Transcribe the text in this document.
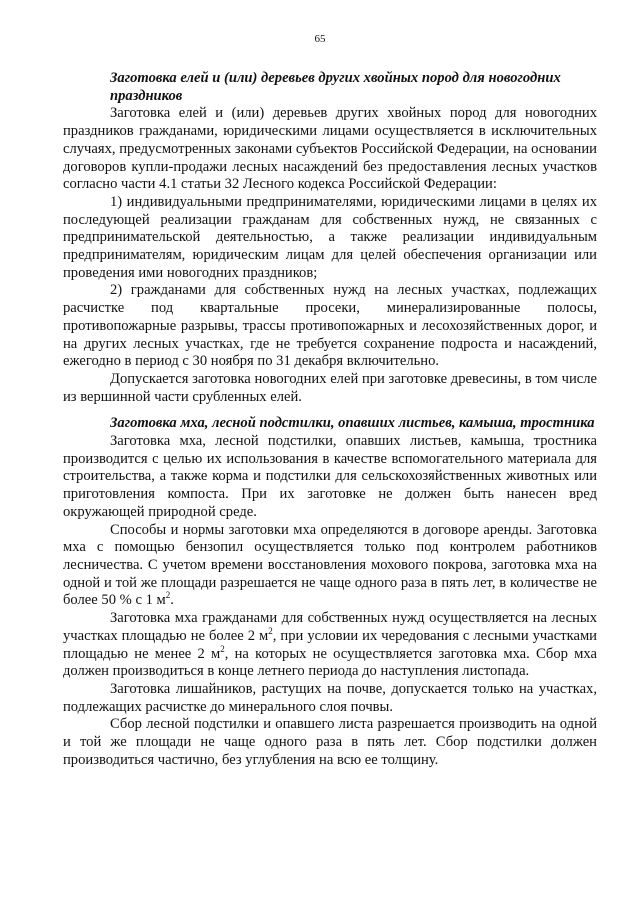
65

Заготовка елей и (или) деревьев других хвойных пород для новогодних праздников

Заготовка елей и (или) деревьев других хвойных пород для новогодних праздников гражданами, юридическими лицами осуществляется в исключительных случаях, предусмотренных законами субъектов Российской Федерации, на основании договоров купли-продажи лесных насаждений без предоставления лесных участков согласно части 4.1 статьи 32 Лесного кодекса Российской Федерации:

1) индивидуальными предпринимателями, юридическими лицами в целях их последующей реализации гражданам для собственных нужд, не связанных с предпринимательской деятельностью, а также реализации индивидуальным предпринимателям, юридическим лицам для целей обеспечения организации или проведения ими новогодних праздников;

2) гражданами для собственных нужд на лесных участках, подлежащих расчистке под квартальные просеки, минерализированные полосы, противопожарные разрывы, трассы противопожарных и лесохозяйственных дорог, и на других лесных участках, где не требуется сохранение подроста и насаждений, ежегодно в период с 30 ноября по 31 декабря включительно.

Допускается заготовка новогодних елей при заготовке древесины, в том числе из вершинной части срубленных елей.

Заготовка мха, лесной подстилки, опавших листьев, камыша, тростника

Заготовка мха, лесной подстилки, опавших листьев, камыша, тростника производится с целью их использования в качестве вспомогательного материала для строительства, а также корма и подстилки для сельскохозяйственных животных или приготовления компоста. При их заготовке не должен быть нанесен вред окружающей природной среде.

Способы и нормы заготовки мха определяются в договоре аренды. Заготовка мха с помощью бензопил осуществляется только под контролем работников лесничества. С учетом времени восстановления мохового покрова, заготовка мха на одной и той же площади разрешается не чаще одного раза в пять лет, в количестве не более 50 % с 1 $м^2$.

Заготовка мха гражданами для собственных нужд осуществляется на лесных участках площадью не более 2 $м^2$, при условии их чередования с лесными участками площадью не менее 2 $м^2$, на которых не осуществляется заготовка мха. Сбор мха должен производиться в конце летнего периода до наступления листопада.

Заготовка лишайников, растущих на почве, допускается только на участках, подлежащих расчистке до минерального слоя почвы.

Сбор лесной подстилки и опавшего листа разрешается производить на одной и той же площади не чаще одного раза в пять лет. Сбор подстилки должен производиться частично, без углубления на всю ее толщину.
